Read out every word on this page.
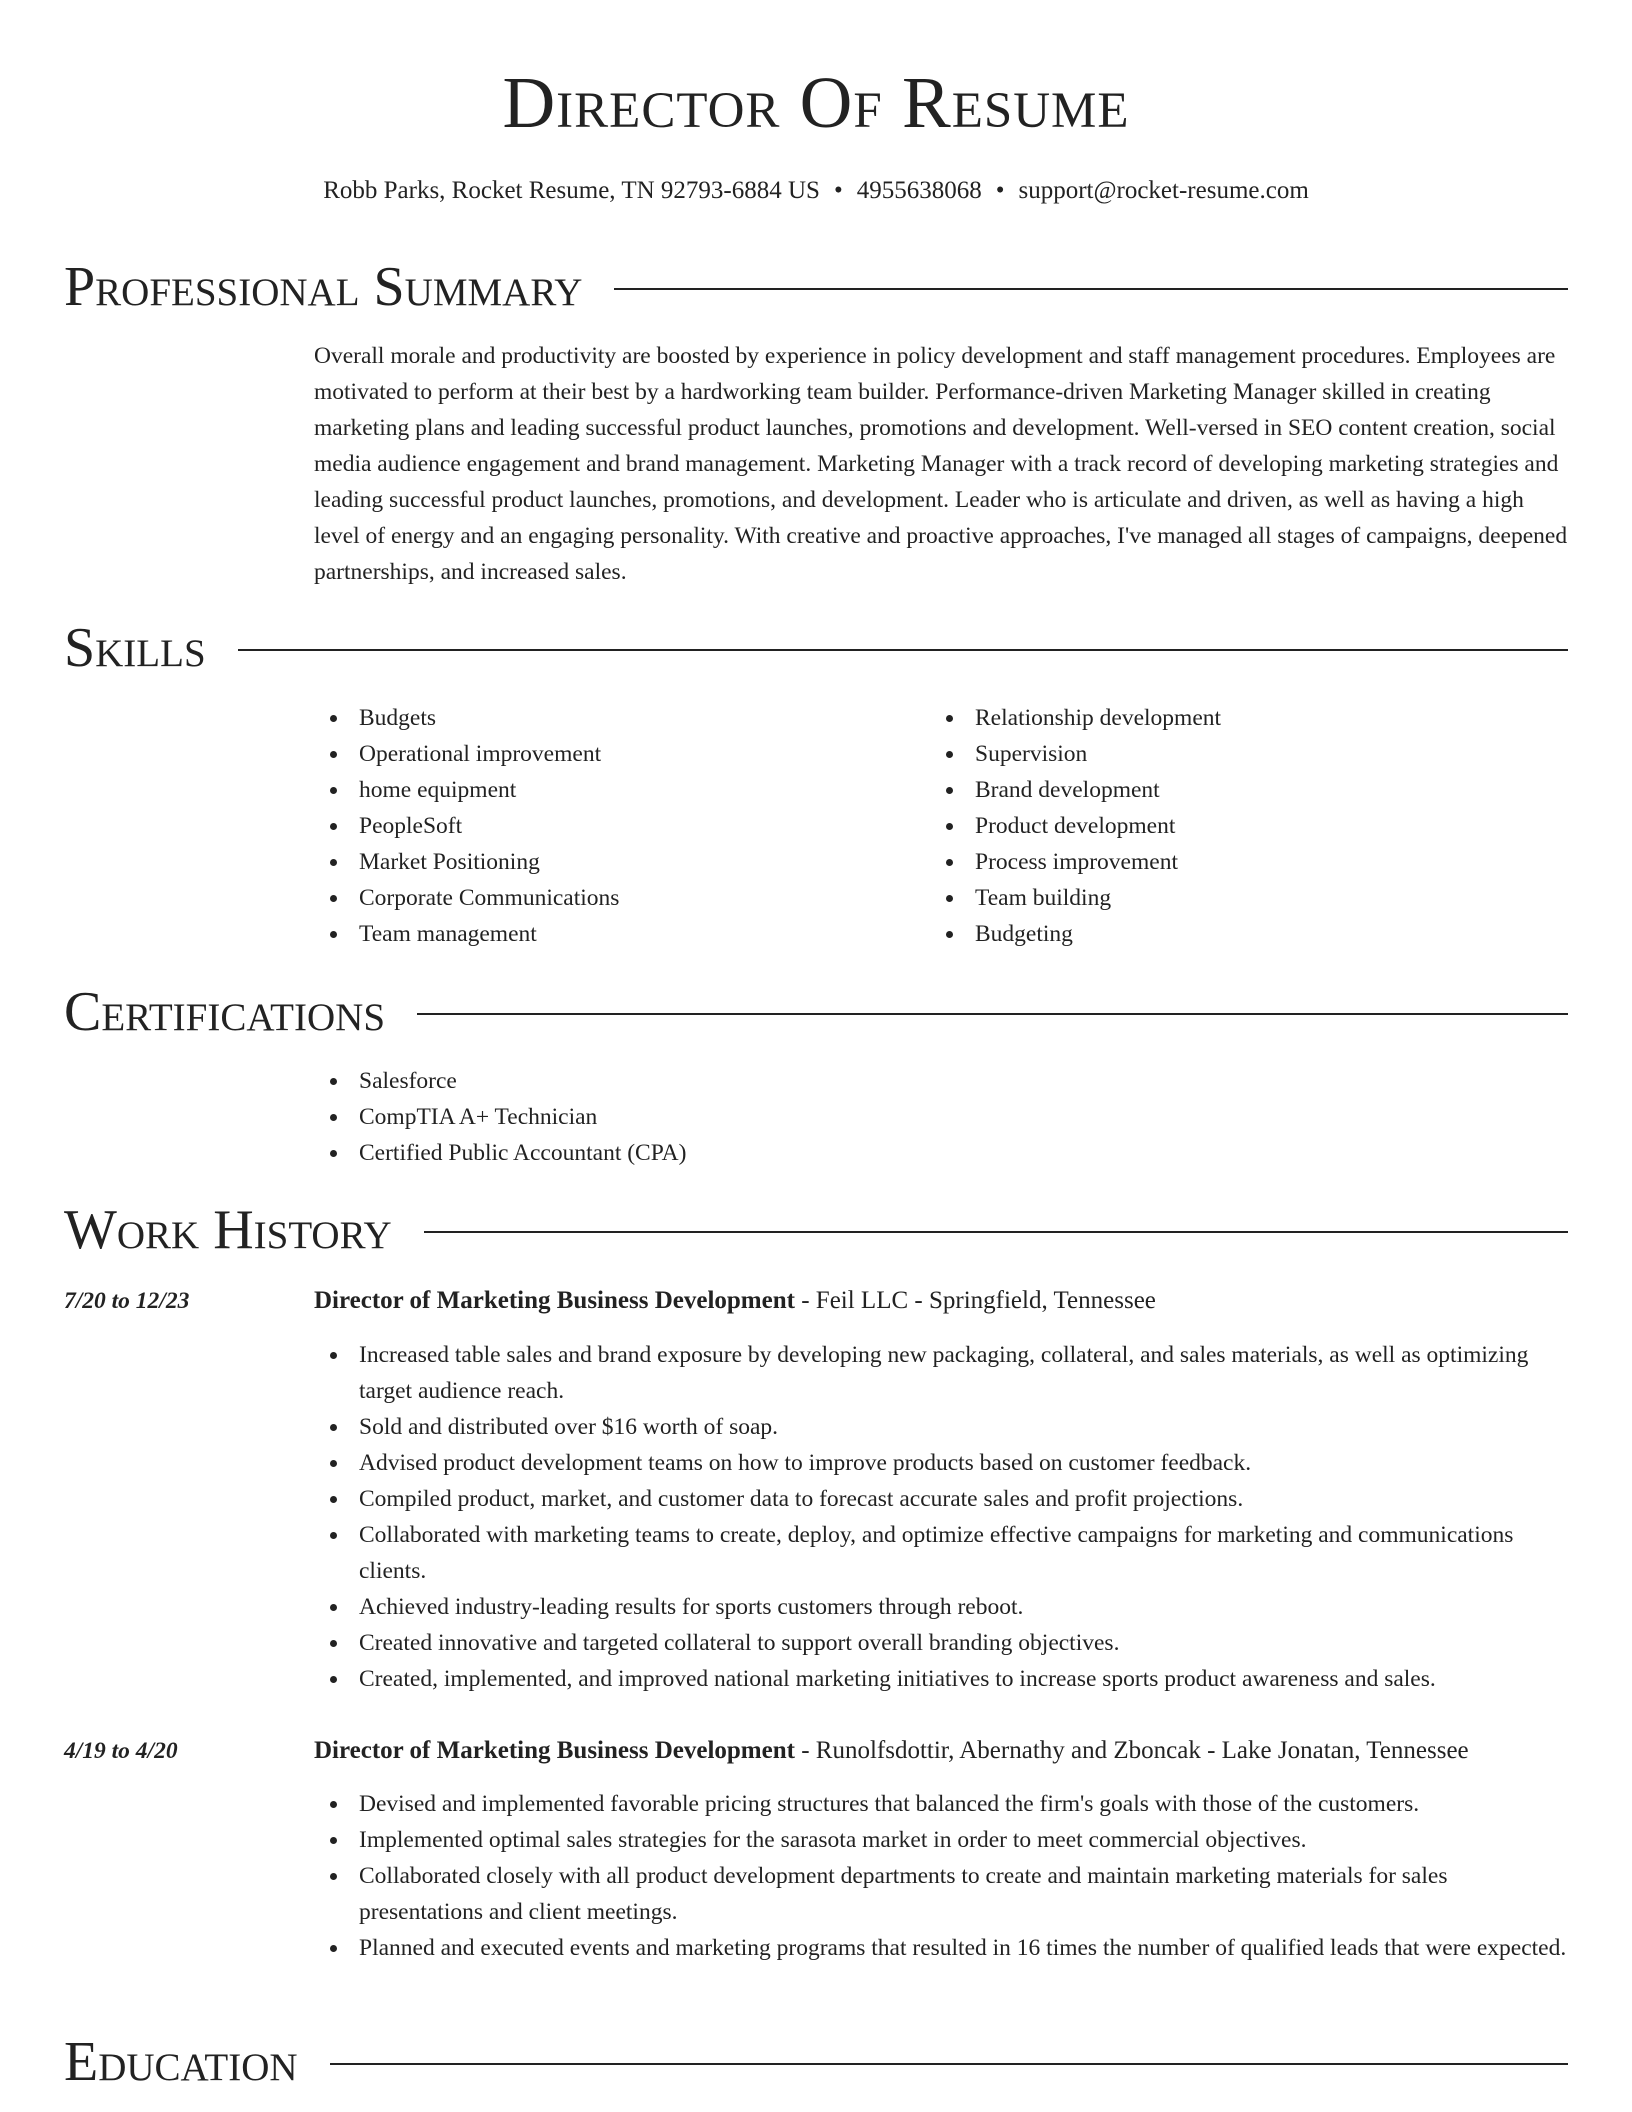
Director Of Resume
Robb Parks, Rocket Resume, TN 92793-6884 US • 4955638068 • support@rocket-resume.com
Professional Summary
Overall morale and productivity are boosted by experience in policy development and staff management procedures. Employees are motivated to perform at their best by a hardworking team builder. Performance-driven Marketing Manager skilled in creating marketing plans and leading successful product launches, promotions and development. Well-versed in SEO content creation, social media audience engagement and brand management. Marketing Manager with a track record of developing marketing strategies and leading successful product launches, promotions, and development. Leader who is articulate and driven, as well as having a high level of energy and an engaging personality. With creative and proactive approaches, I've managed all stages of campaigns, deepened partnerships, and increased sales.
Skills
Budgets
Operational improvement
home equipment
PeopleSoft
Market Positioning
Corporate Communications
Team management
Relationship development
Supervision
Brand development
Product development
Process improvement
Team building
Budgeting
Certifications
Salesforce
CompTIA A+ Technician
Certified Public Accountant (CPA)
Work History
7/20 to 12/23	Director of Marketing Business Development - Feil LLC - Springfield, Tennessee
Increased table sales and brand exposure by developing new packaging, collateral, and sales materials, as well as optimizing target audience reach.
Sold and distributed over $16 worth of soap.
Advised product development teams on how to improve products based on customer feedback.
Compiled product, market, and customer data to forecast accurate sales and profit projections.
Collaborated with marketing teams to create, deploy, and optimize effective campaigns for marketing and communications clients.
Achieved industry-leading results for sports customers through reboot.
Created innovative and targeted collateral to support overall branding objectives.
Created, implemented, and improved national marketing initiatives to increase sports product awareness and sales.
4/19 to 4/20	Director of Marketing Business Development - Runolfsdottir, Abernathy and Zboncak - Lake Jonatan, Tennessee
Devised and implemented favorable pricing structures that balanced the firm's goals with those of the customers.
Implemented optimal sales strategies for the sarasota market in order to meet commercial objectives.
Collaborated closely with all product development departments to create and maintain marketing materials for sales presentations and client meetings.
Planned and executed events and marketing programs that resulted in 16 times the number of qualified leads that were expected.
Education
